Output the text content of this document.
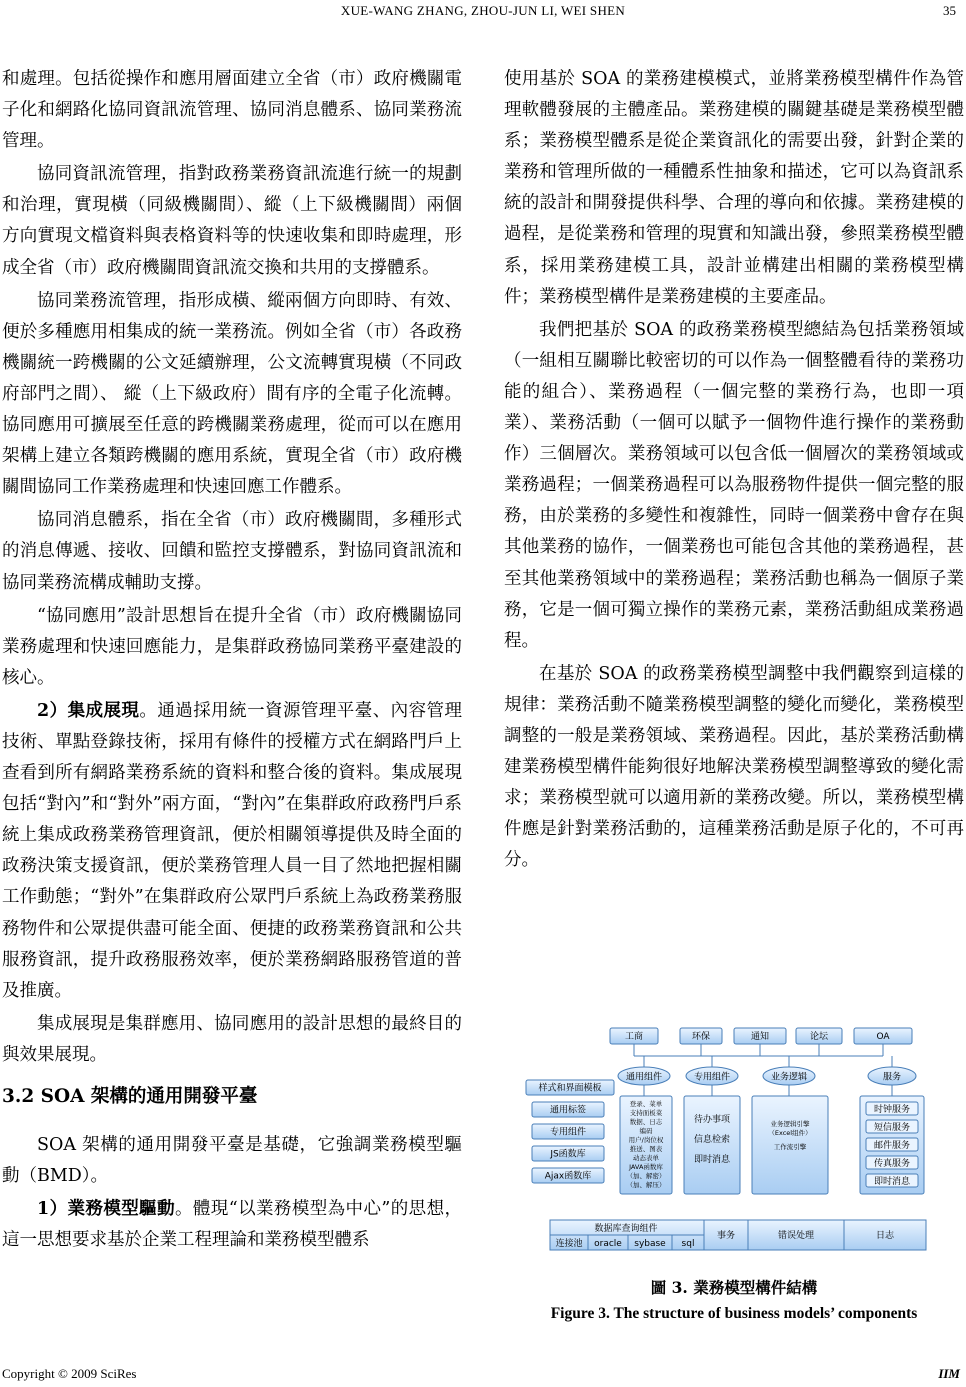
XUE-WANG ZHANG, ZHOU-JUN LI, WEI SHEN	35

和處理。包括從操作和應用層面建立全省（市）政府機關電子化和網路化協同資訊流管理、協同消息體系、協同業務流管理。

協同資訊流管理，指對政務業務資訊流進行統一的規劃和治理，實現橫（同級機關間）、縱（上下級機關間）兩個方向實現文檔資料與表格資料等的快速收集和即時處理，形成全省（市）政府機關間資訊流交換和共用的支撐體系。

協同業務流管理，指形成橫、縱兩個方向即時、有效、便於多種應用相集成的統一業務流。例如全省（市）各政務機關統一跨機關的公文延續辦理，公文流轉實現橫（不同政府部門之間）、 縱（上下級政府）間有序的全電子化流轉。協同應用可擴展至任意的跨機關業務處理，從而可以在應用架構上建立各類跨機關的應用系統，實現全省（市）政府機關間協同工作業務處理和快速回應工作體系。

協同消息體系，指在全省（市）政府機關間，多種形式的消息傳遞、接收、回饋和監控支撐體系，對協同資訊流和協同業務流構成輔助支撐。

“協同應用”設計思想旨在提升全省（市）政府機關協同業務處理和快速回應能力，是集群政務協同業務平臺建設的核心。

2）集成展現。通過採用統一資源管理平臺、內容管理技術、單點登錄技術，採用有條件的授權方式在網路門戶上查看到所有網路業務系統的資料和整合後的資料。集成展現包括“對內”和“對外”兩方面，“對內”在集群政府政務門戶系統上集成政務業務管理資訊，便於相關領導提供及時全面的政務決策支援資訊，便於業務管理人員一目了然地把握相關工作動態；“對外”在集群政府公眾門戶系統上為政務業務服務物件和公眾提供盡可能全面、便捷的政務業務資訊和公共服務資訊，提升政務服務效率，便於業務網路服務管道的普及推廣。

集成展現是集群應用、協同應用的設計思想的最終目的與效果展現。

3.2 SOA 架構的通用開發平臺

SOA 架構的通用開發平臺是基礎，它強調業務模型驅動（BMD）。

1）業務模型驅動。體現“以業務模型為中心”的思想，這一思想要求基於企業工程理論和業務模型體系

使用基於 SOA 的業務建模模式，並將業務模型構件作為管理軟體發展的主體產品。業務建模的關鍵基礎是業務模型體系；業務模型體系是從企業資訊化的需要出發，針對企業的業務和管理所做的一種體系性抽象和描述，它可以為資訊系統的設計和開發提供科學、合理的導向和依據。業務建模的過程，是從業務和管理的現實和知識出發，參照業務模型體系，採用業務建模工具，設計並構建出相關的業務模型構件；業務模型構件是業務建模的主要產品。

我們把基於 SOA 的政務業務模型總結為包括業務領域（一組相互關聯比較密切的可以作為一個整體看待的業務功能的組合）、業務過程（一個完整的業務行為，也即一項業）、業務活動（一個可以賦予一個物件進行操作的業務動作）三個層次。業務領域可以包含低一個層次的業務領域或業務過程；一個業務過程可以為服務物件提供一個完整的服務，由於業務的多變性和複雜性，同時一個業務中會存在與其他業務的協作，一個業務也可能包含其他的業務過程，甚至其他業務領域中的業務過程；業務活動也稱為一個原子業務，它是一個可獨立操作的業務元素，業務活動組成業務過程。

在基於 SOA 的政務業務模型調整中我們觀察到這樣的規律：業務活動不隨業務模型調整的變化而變化，業務模型調整的一般是業務領域、業務過程。因此，基於業務活動構建業務模型構件能夠很好地解決業務模型調整導致的變化需求；業務模型就可以適用新的業務改變。所以，業務模型構件應是針對業務活動的，這種業務活動是原子化的，不可再分。

工商	环保	通知	论坛	OA
通用组件	专用组件	业务逻辑	服务
样式和界面模板
通用标签
专用组件
JS函数库
Ajax函数库
登录、菜单
支持面板菜
数据、日志
编码
用户/岗位权
推送、图表
动态表单
JAVA函数库
（加、解密）
（加、解压）
待办事项
信息检索
即时消息
业务逻辑引擎
（Excel组件）
工作流引擎
时钟服务
短信服务
邮件服务
传真服务
即时消息
数据库查询组件
连接池 oracle sybase sql
事务	错误处理	日志
圖 3. 業務模型構件結構
Figure 3. The structure of business models’ components
Copyright © 2009 SciRes	IIM
